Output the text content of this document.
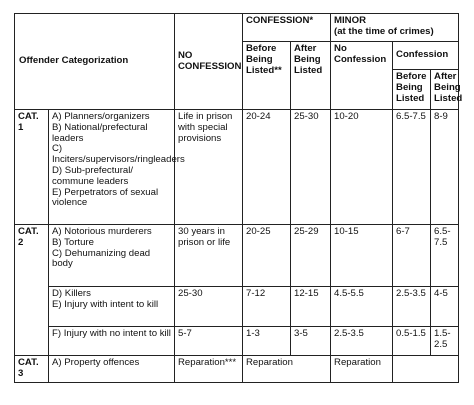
Offender Categorization		NO CONFESSION	CONFESSION*		MINOR
(at the time of crimes)		
			Before Being Listed**	After Being Listed	No Confession	Confession	
						Before Being Listed	After Being Listed
CAT. 1	A) Planners/organizers
B) National/prefectural leaders
C) Inciters/supervisors/ringleaders
D) Sub-prefectural/ commune leaders
E) Perpetrators of sexual violence	Life in prison with special provisions	20-24	25-30	10-20	6.5-7.5	8-9
CAT. 2	A) Notorious murderers
B) Torture
C) Dehumanizing dead body	30 years in prison or life	20-25	25-29	10-15	6-7	6.5-7.5

	D) Killers
E) Injury with intent to kill	25-30	7-12	12-15	4.5-5.5	2.5-3.5	4-5

	F) Injury with no intent to kill	5-7	1-3	3-5	2.5-3.5	0.5-1.5	1.5-2.5
CAT. 3	A) Property offences	Reparation***	Reparation		Reparation		
